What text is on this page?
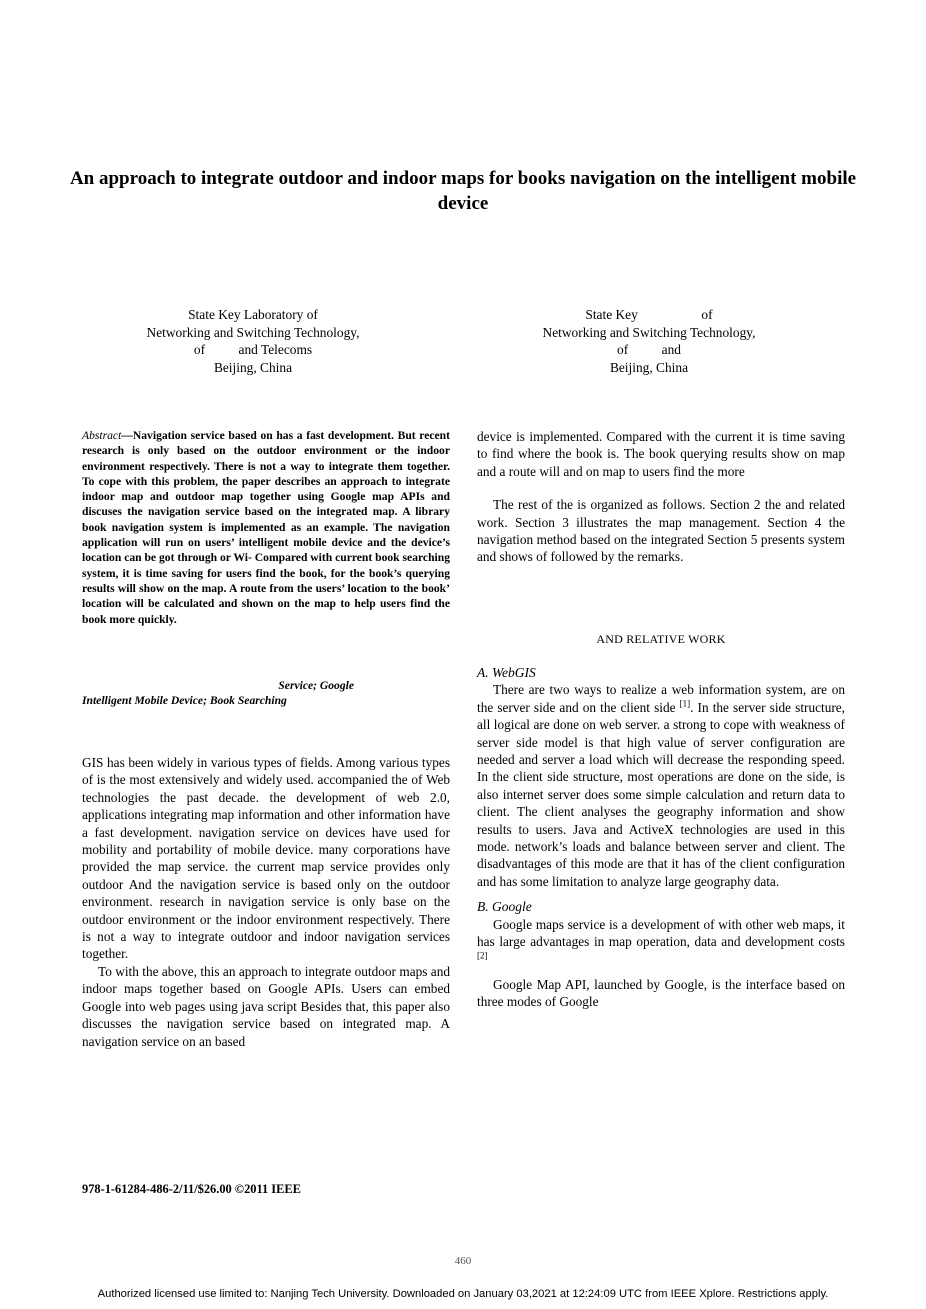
An approach to integrate outdoor and indoor maps for books navigation on the intelligent mobile device
State Key Laboratory of
Networking and Switching Technology,
of          and Telecoms
Beijing, China
State Key                   of
Networking and Switching Technology,
of          and
Beijing, China
Abstract—Navigation service based on has a fast development. But recent research is only based on the outdoor environment or the indoor environment respectively. There is not a way to integrate them together. To cope with this problem, the paper describes an approach to integrate indoor map and outdoor map together using Google map APIs and discuses the navigation service based on the integrated map. A library book navigation system is implemented as an example. The navigation application will run on users’ intelligent mobile device and the device’s location can be got through or Wi- Compared with current book searching system, it is time saving for users find the book, for the book’s querying results will show on the map. A route from the users’ location to the book’ location will be calculated and shown on the map to help users find the book more quickly.
Service; Google
Intelligent Mobile Device; Book Searching

GIS has been widely in various types of fields. Among various types of is the most extensively and widely used. accompanied the of Web technologies the past decade. the development of web 2.0, applications integrating map information and other information have a fast development. navigation service on devices have used for mobility and portability of mobile device. many corporations have provided the map service. the current map service provides only outdoor And the navigation service is based only on the outdoor environment. research in navigation service is only base on the outdoor environment or the indoor environment respectively. There is not a way to integrate outdoor and indoor navigation services together.

To with the above, this an approach to integrate outdoor maps and indoor maps together based on Google APIs. Users can embed Google into web pages using java script Besides that, this paper also discusses the navigation service based on integrated map. A navigation service on an based

device is implemented. Compared with the current it is time saving to find where the book is. The book querying results show on map and a route will and on map to users find the more

The rest of the is organized as follows. Section 2 the and related work. Section 3 illustrates the map management. Section 4 the navigation method based on the integrated Section 5 presents system and shows of followed by the remarks.

AND RELATIVE WORK

A. WebGIS

There are two ways to realize a web information system, are on the server side and on the client side [1]. In the server side structure, all logical are done on web server. a strong to cope with weakness of server side model is that high value of server configuration are needed and server a load which will decrease the responding speed. In the client side structure, most operations are done on the side, is also internet server does some simple calculation and return data to client. The client analyses the geography information and show results to users. Java and ActiveX technologies are used in this mode. network’s loads and balance between server and client. The disadvantages of this mode are that it has of the client configuration and has some limitation to analyze large geography data.

B. Google

Google maps service is a development of with other web maps, it has large advantages in map operation, data and development costs [2]

Google Map API, launched by Google, is the interface based on three modes of Google

978-1-61284-486-2/11/$26.00 ©2011 IEEE
460
Authorized licensed use limited to: Nanjing Tech University. Downloaded on January 03,2021 at 12:24:09 UTC from IEEE Xplore. Restrictions apply.
